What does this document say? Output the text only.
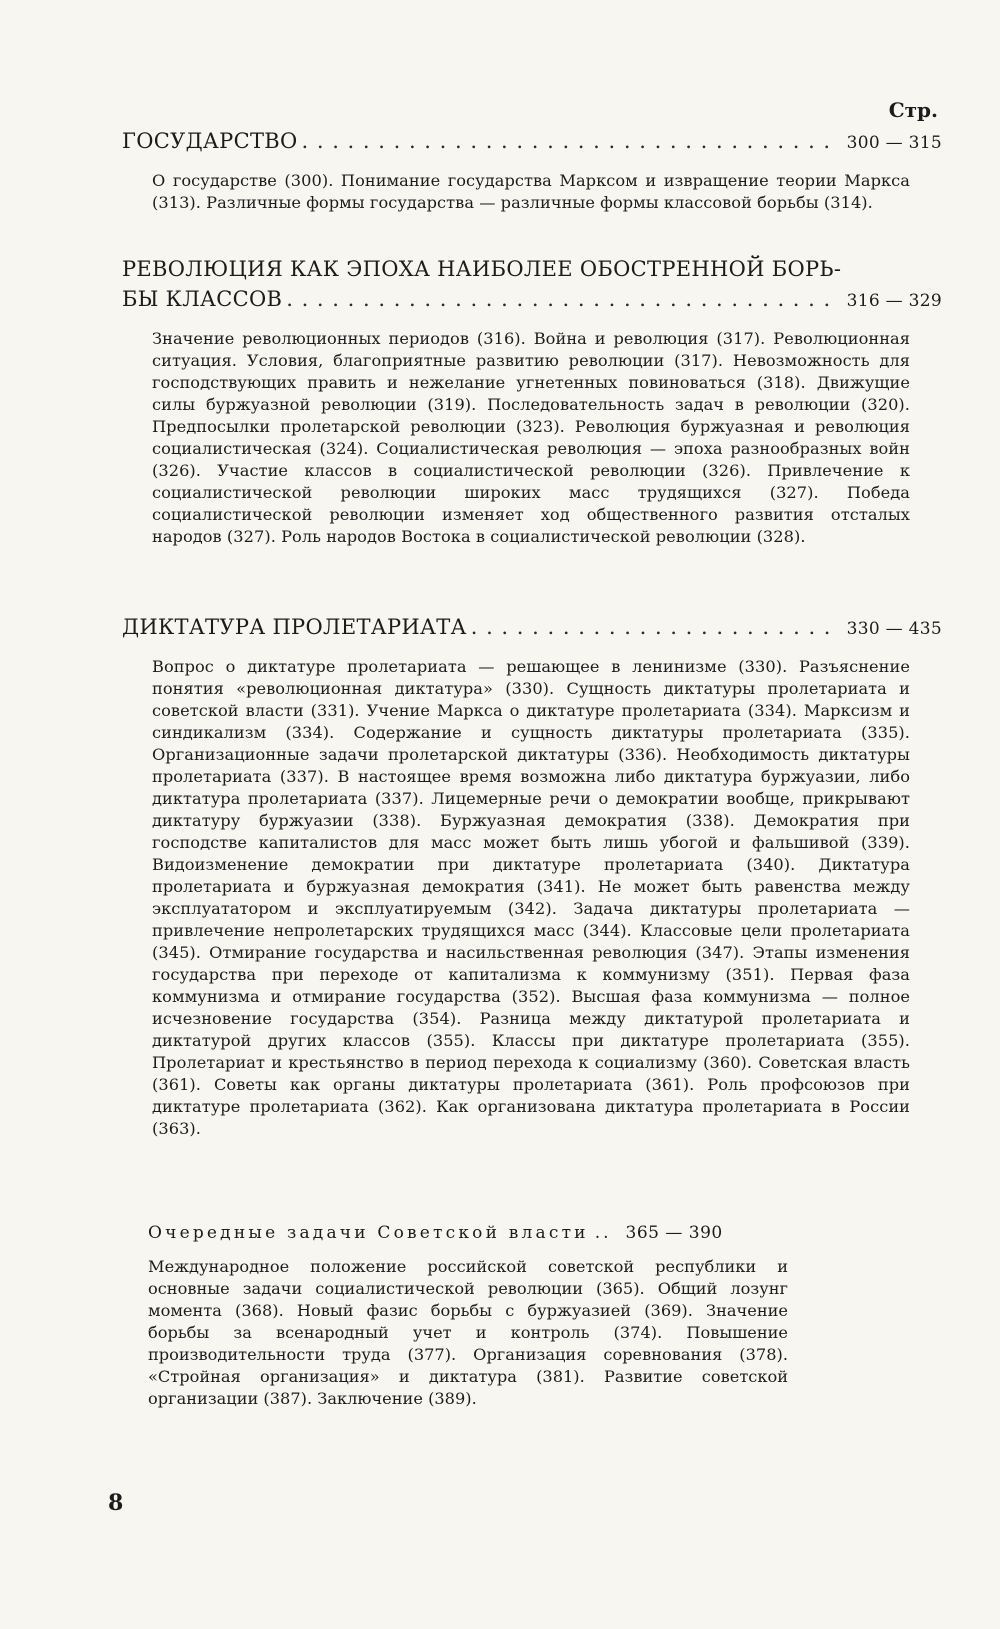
Стр.
ГОСУДАРСТВО . . .	300 — 315
О государстве (300). Понимание государства Марксом и извращение теории Маркса (313). Различные формы государства — различные формы классовой борьбы (314).
РЕВОЛЮЦИЯ КАК ЭПОХА НАИБОЛЕЕ ОБОСТРЕННОЙ БОРЬ-
БЫ КЛАССОВ . . .	316 — 329
Значение революционных периодов (316). Война и революция (317). Революционная ситуация. Условия, благоприятные развитию революции (317). Невозможность для господствующих править и нежелание угнетенных повиноваться (318). Движущие силы буржуазной революции (319). Последовательность задач в революции (320). Предпосылки пролетарской революции (323). Революция буржуазная и революция социалистическая (324). Социалистическая революция — эпоха разнообразных войн (326). Участие классов в социалистической революции (326). Привлечение к социалистической революции широких масс трудящихся (327). Победа социалистической революции изменяет ход общественного развития отсталых народов (327). Роль народов Востока в социалистической революции (328).
ДИКТАТУРА ПРОЛЕТАРИАТА . . .	330 — 435
Вопрос о диктатуре пролетариата — решающее в ленинизме (330). Разъяснение понятия «революционная диктатура» (330). Сущность диктатуры пролетариата и советской власти (331). Учение Маркса о диктатуре пролетариата (334). Марксизм и синдикализм (334). Содержание и сущность диктатуры пролетариата (335). Организационные задачи пролетарской диктатуры (336). Необходимость диктатуры пролетариата (337). В настоящее время возможна либо диктатура буржуазии, либо диктатура пролетариата (337). Лицемерные речи о демократии вообще, прикрывают диктатуру буржуазии (338). Буржуазная демократия (338). Демократия при господстве капиталистов для масс может быть лишь убогой и фальшивой (339). Видоизменение демократии при диктатуре пролетариата (340). Диктатура пролетариата и буржуазная демократия (341). Не может быть равенства между эксплуататором и эксплуатируемым (342). Задача диктатуры пролетариата — привлечение непролетарских трудящихся масс (344). Классовые цели пролетариата (345). Отмирание государства и насильственная революция (347). Этапы изменения государства при переходе от капитализма к коммунизму (351). Первая фаза коммунизма и отмирание государства (352). Высшая фаза коммунизма — полное исчезновение государства (354). Разница между диктатурой пролетариата и диктатурой других классов (355). Классы при диктатуре пролетариата (355). Пролетариат и крестьянство в период перехода к социализму (360). Советская власть (361). Советы как органы диктатуры пролетариата (361). Роль профсоюзов при диктатуре пролетариата (362). Как организована диктатура пролетариата в России (363).
Очередные задачи Советской власти .. 365 — 390
Международное положение российской советской республики и основные задачи социалистической революции (365). Общий лозунг момента (368). Новый фазис борьбы с буржуазией (369). Значение борьбы за всенародный учет и контроль (374). Повышение производительности труда (377). Организация соревнования (378). «Стройная организация» и диктатура (381). Развитие советской организации (387). Заключение (389).
8
